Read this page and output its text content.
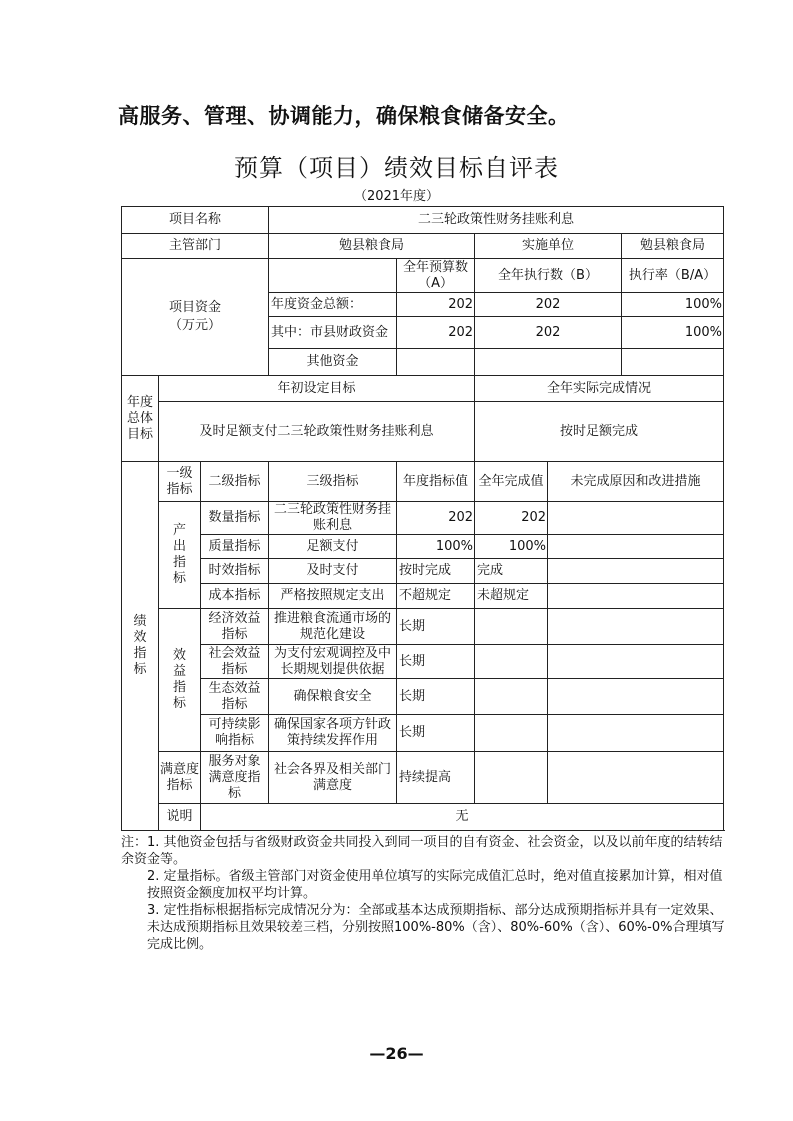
高服务、管理、协调能力，确保粮食储备安全。
预算（项目）绩效目标自评表
（2021年度）
项目名称			二三轮政策性财务挂账利息				
主管部门			勉县粮食局		实施单位		勉县粮食局
项目资金
（万元）				全年预算数（A）	全年执行数（B）		执行率（B/A）
			年度资金总额：	202	202		100%
			其中：市县财政资金	202	202		100%
			其他资金				
年度总体目标	年初设定目标				全年实际完成情况		
	及时足额支付二三轮政策性财务挂账利息				按时足额完成		
绩效指标	一级指标	二级指标	三级指标	年度指标值	全年完成值	未完成原因和改进措施	
	产出指标	数量指标	二三轮政策性财务挂账利息	202	202		
		质量指标	足额支付	100%	100%		
		时效指标	及时支付	按时完成	完成		
		成本指标	严格按照规定支出	不超规定	未超规定		
	效益指标	经济效益指标	推进粮食流通市场的规范化建设	长期			
		社会效益指标	为支付宏观调控及中长期规划提供依据	长期			
		生态效益指标	确保粮食安全	长期			
		可持续影响指标	确保国家各项方针政策持续发挥作用	长期			
	满意度指标	服务对象满意度指标	社会各界及相关部门满意度	持续提高			
	说明	无					

注：1. 其他资金包括与省级财政资金共同投入到同一项目的自有资金、社会资金，以及以前年度的结转结余资金等。

2. 定量指标。省级主管部门对资金使用单位填写的实际完成值汇总时，绝对值直接累加计算，相对值按照资金额度加权平均计算。

3. 定性指标根据指标完成情况分为：全部或基本达成预期指标、部分达成预期指标并具有一定效果、未达成预期指标且效果较差三档，分别按照100%-80%（含）、80%-60%（含）、60%-0%合理填写完成比例。

—26—
